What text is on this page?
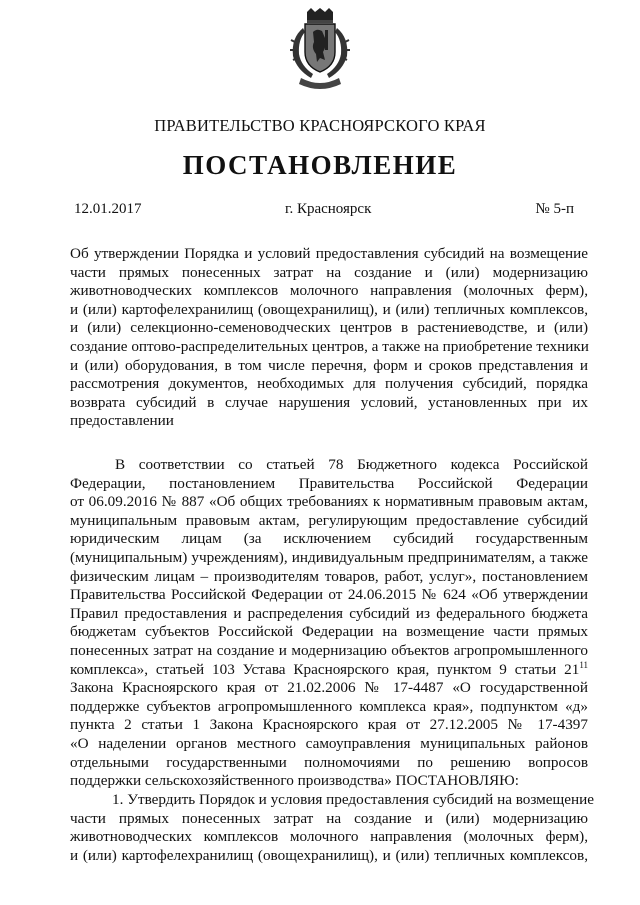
ПРАВИТЕЛЬСТВО КРАСНОЯРСКОГО КРАЯ
ПОСТАНОВЛЕНИЕ
12.01.2017	г. Красноярск	№ 5-п
Об утверждении Порядка и условий предоставления субсидий на возмещение
части прямых понесенных затрат на создание и (или) модернизацию
животноводческих комплексов молочного направления (молочных ферм),
и (или) картофелехранилищ (овощехранилищ), и (или) тепличных комплексов,
и (или) селекционно-семеноводческих центров в растениеводстве, и (или)
создание оптово-распределительных центров, а также на приобретение техники
и (или) оборудования, в том числе перечня, форм и сроков представления и
рассмотрения документов, необходимых для получения субсидий, порядка
возврата субсидий в случае нарушения условий, установленных при их
предоставлении
В соответствии со статьей 78 Бюджетного кодекса Российской
Федерации, постановлением Правительства Российской Федерации
от 06.09.2016 № 887 «Об общих требованиях к нормативным правовым актам,
муниципальным правовым актам, регулирующим предоставление субсидий
юридическим лицам (за исключением субсидий государственным
(муниципальным) учреждениям), индивидуальным предпринимателям, а также
физическим лицам – производителям товаров, работ, услуг», постановлением
Правительства Российской Федерации от 24.06.2015 № 624 «Об утверждении
Правил предоставления и распределения субсидий из федерального бюджета
бюджетам субъектов Российской Федерации на возмещение части прямых
понесенных затрат на создание и модернизацию объектов агропромышленного
комплекса», статьей 103 Устава Красноярского края, пунктом 9 статьи $21^{11}$
Закона Красноярского края от 21.02.2006 № 17-4487 «О государственной
поддержке субъектов агропромышленного комплекса края», подпунктом «д»
пункта 2 статьи 1 Закона Красноярского края от 27.12.2005 № 17-4397
«О наделении органов местного самоуправления муниципальных районов
отдельными государственными полномочиями по решению вопросов
поддержки сельскохозяйственного производства» ПОСТАНОВЛЯЮ:
1. Утвердить Порядок и условия предоставления субсидий на возмещение
части прямых понесенных затрат на создание и (или) модернизацию
животноводческих комплексов молочного направления (молочных ферм),
и (или) картофелехранилищ (овощехранилищ), и (или) тепличных комплексов,
